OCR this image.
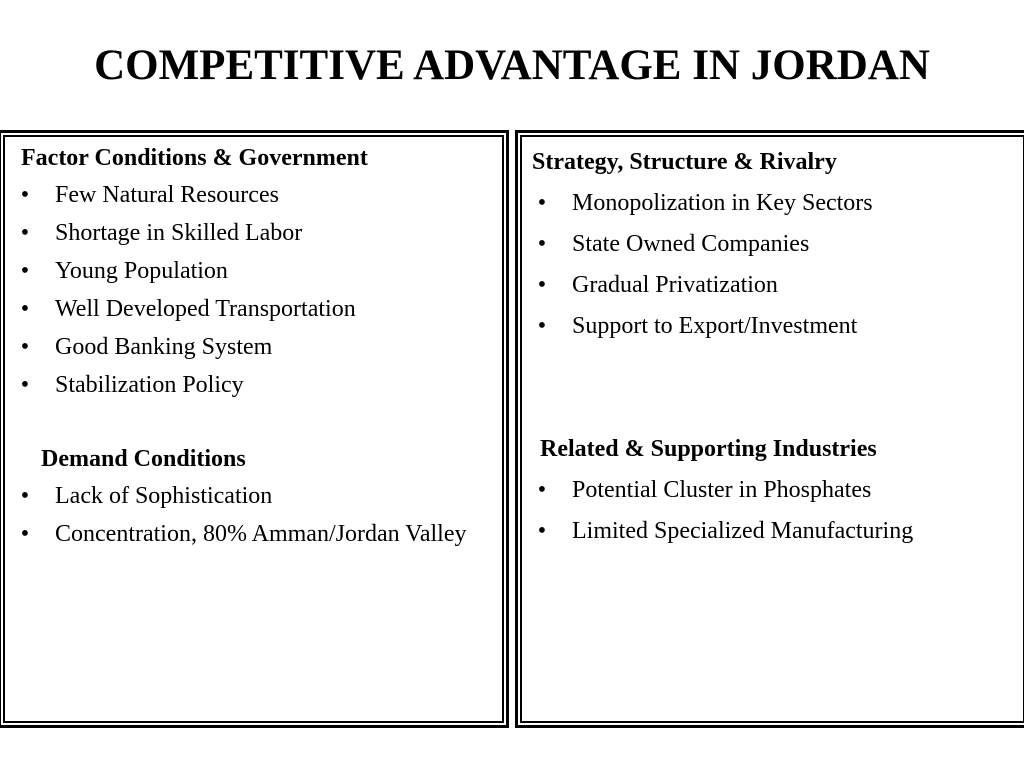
COMPETITIVE ADVANTAGE IN JORDAN
Factor Conditions & Government
• Few Natural Resources
• Shortage in Skilled Labor
• Young Population
• Well Developed Transportation
• Good Banking System
• Stabilization Policy
Demand Conditions
• Lack of Sophistication
• Concentration, 80% Amman/Jordan Valley
Strategy, Structure & Rivalry
• Monopolization in Key Sectors
• State Owned Companies
• Gradual Privatization
• Support to Export/Investment
Related & Supporting Industries
• Potential Cluster in Phosphates
• Limited Specialized Manufacturing
